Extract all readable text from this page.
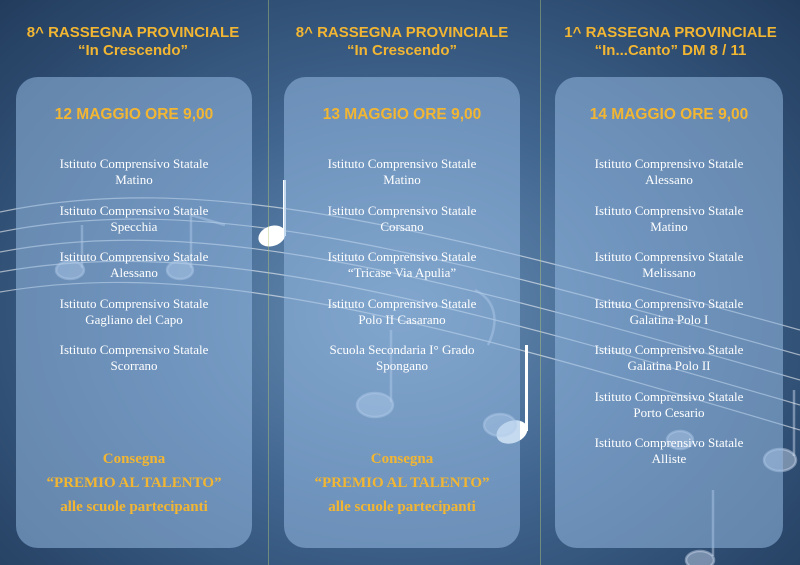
8^ RASSEGNA PROVINCIALE
“In Crescendo”
12 MAGGIO ORE 9,00
Istituto Comprensivo Statale
Matino
Istituto Comprensivo Statale
Specchia
Istituto Comprensivo Statale
Alessano
Istituto Comprensivo Statale
Gagliano del Capo
Istituto Comprensivo Statale
Scorrano
Consegna
“PREMIO AL TALENTO”
alle scuole partecipanti
8^ RASSEGNA PROVINCIALE
“In Crescendo”
13 MAGGIO ORE 9,00
Istituto Comprensivo Statale
Matino
Istituto Comprensivo Statale
Corsano
Istituto Comprensivo Statale
“Tricase Via Apulia”
Istituto Comprensivo Statale
Polo II Casarano
Scuola Secondaria I° Grado
Spongano
Consegna
“PREMIO AL TALENTO”
alle scuole partecipanti
1^ RASSEGNA PROVINCIALE
“In...Canto” DM 8 / 11
14 MAGGIO ORE 9,00
Istituto Comprensivo Statale
Alessano
Istituto Comprensivo Statale
Matino
Istituto Comprensivo Statale
Melissano
Istituto Comprensivo Statale
Galatina Polo I
Istituto Comprensivo Statale
Galatina Polo II
Istituto Comprensivo Statale
Porto Cesario
Istituto Comprensivo Statale
Alliste
